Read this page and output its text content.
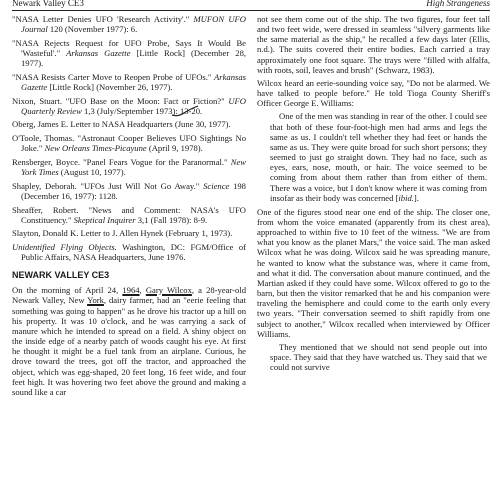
Newark Valley CE3	High Strangeness

"NASA Letter Denies UFO 'Research Activity'." MUFON UFO Journal 120 (November 1977): 6.

"NASA Rejects Request for UFO Probe, Says It Would Be 'Wasteful'." Arkansas Gazette [Little Rock] (December 28, 1977).

"NASA Resists Carter Move to Reopen Probe of UFOs." Arkansas Gazette [Little Rock] (November 26, 1977).

Nixon, Stuart. "UFO Base on the Moon: Fact or Fiction?" UFO Quarterly Review 1,3 (July/September 1973): 13-20.

Oberg, James E. Letter to NASA Headquarters (June 30, 1977).

O'Toole, Thomas. "Astronaut Cooper Believes UFO Sightings No Joke." New Orleans Times-Picayune (April 9, 1978).

Rensberger, Boyce. "Panel Fears Vogue for the Paranormal." New York Times (August 10, 1977).

Shapley, Deborah. "UFOs Just Will Not Go Away." Science 198 (December 16, 1977): 1128.

Sheaffer, Robert. "News and Comment: NASA's UFO Constituency." Skeptical Inquirer 3,1 (Fall 1978): 8-9.

Slayton, Donald K. Letter to J. Allen Hynek (February 1, 1973).

Unidentified Flying Objects. Washington, DC: FGM/Office of Public Affairs, NASA Headquarters, June 1976.

NEWARK VALLEY CE3

On the morning of April 24, 1964, Gary Wilcox, a 28-year-old Newark Valley, New York, dairy farmer, had an "eerie feeling that something was going to happen" as he drove his tractor up a hill on his property. It was 10 o'clock, and he was carrying a sack of manure which he intended to spread on a field. A shiny object on the inside edge of a nearby patch of woods caught his eye. At first he thought it might be a fuel tank from an airplane. Curious, he drove toward the trees, got off the tractor, and approached the object, which was egg-shaped, 20 feet long, 16 feet wide, and four feet high. It was hovering two feet above the ground and making a sound like a car

not see them come out of the ship. The two figures, four feet tall and two feet wide, were dressed in seamless "silvery garments like the same material as the ship," he recalled a few days later (Ellis, n.d.). The suits covered their entire bodies. Each carried a tray approximately one foot square. The trays were "filled with alfalfa, with roots, soil, leaves and brush" (Schwarz, 1983).

Wilcox heard an eerie-sounding voice say, "Do not be alarmed. We have talked to people before." He told Tioga County Sheriff's Officer George E. Williams:

One of the men was standing in rear of the other. I could see that both of these four-foot-high men had arms and legs the same as us. I couldn't tell whether they had feet or hands the same as us. They were quite broad for such short persons; they seemed to just go straight down. They had no face, such as eyes, ears, nose, mouth, or hair. The voice seemed to be coming from about them rather than from either of them. There was a voice, but I don't know where it was coming from insofar as their body was concerned [ibid.].

One of the figures stood near one end of the ship. The closer one, from whom the voice emanated (apparently from its chest area), approached to within five to 10 feet of the witness. "We are from what you know as the planet Mars," the voice said. The man asked Wilcox what he was doing. Wilcox said he was spreading manure, he wanted to know what the substance was, where it came from, and what it did. The conversation about manure continued, and the Martian asked if they could have some. Wilcox offered to go to the barn, but then the visitor remarked that he and his companion were traveling the hemisphere and could come to the earth only every two years. "Their conversation seemed to shift rapidly from one subject to another," Wilcox recalled when interviewed by Officer Williams.

They mentioned that we should not send people out into space. They said that they have watched us. They said that we could not survive
